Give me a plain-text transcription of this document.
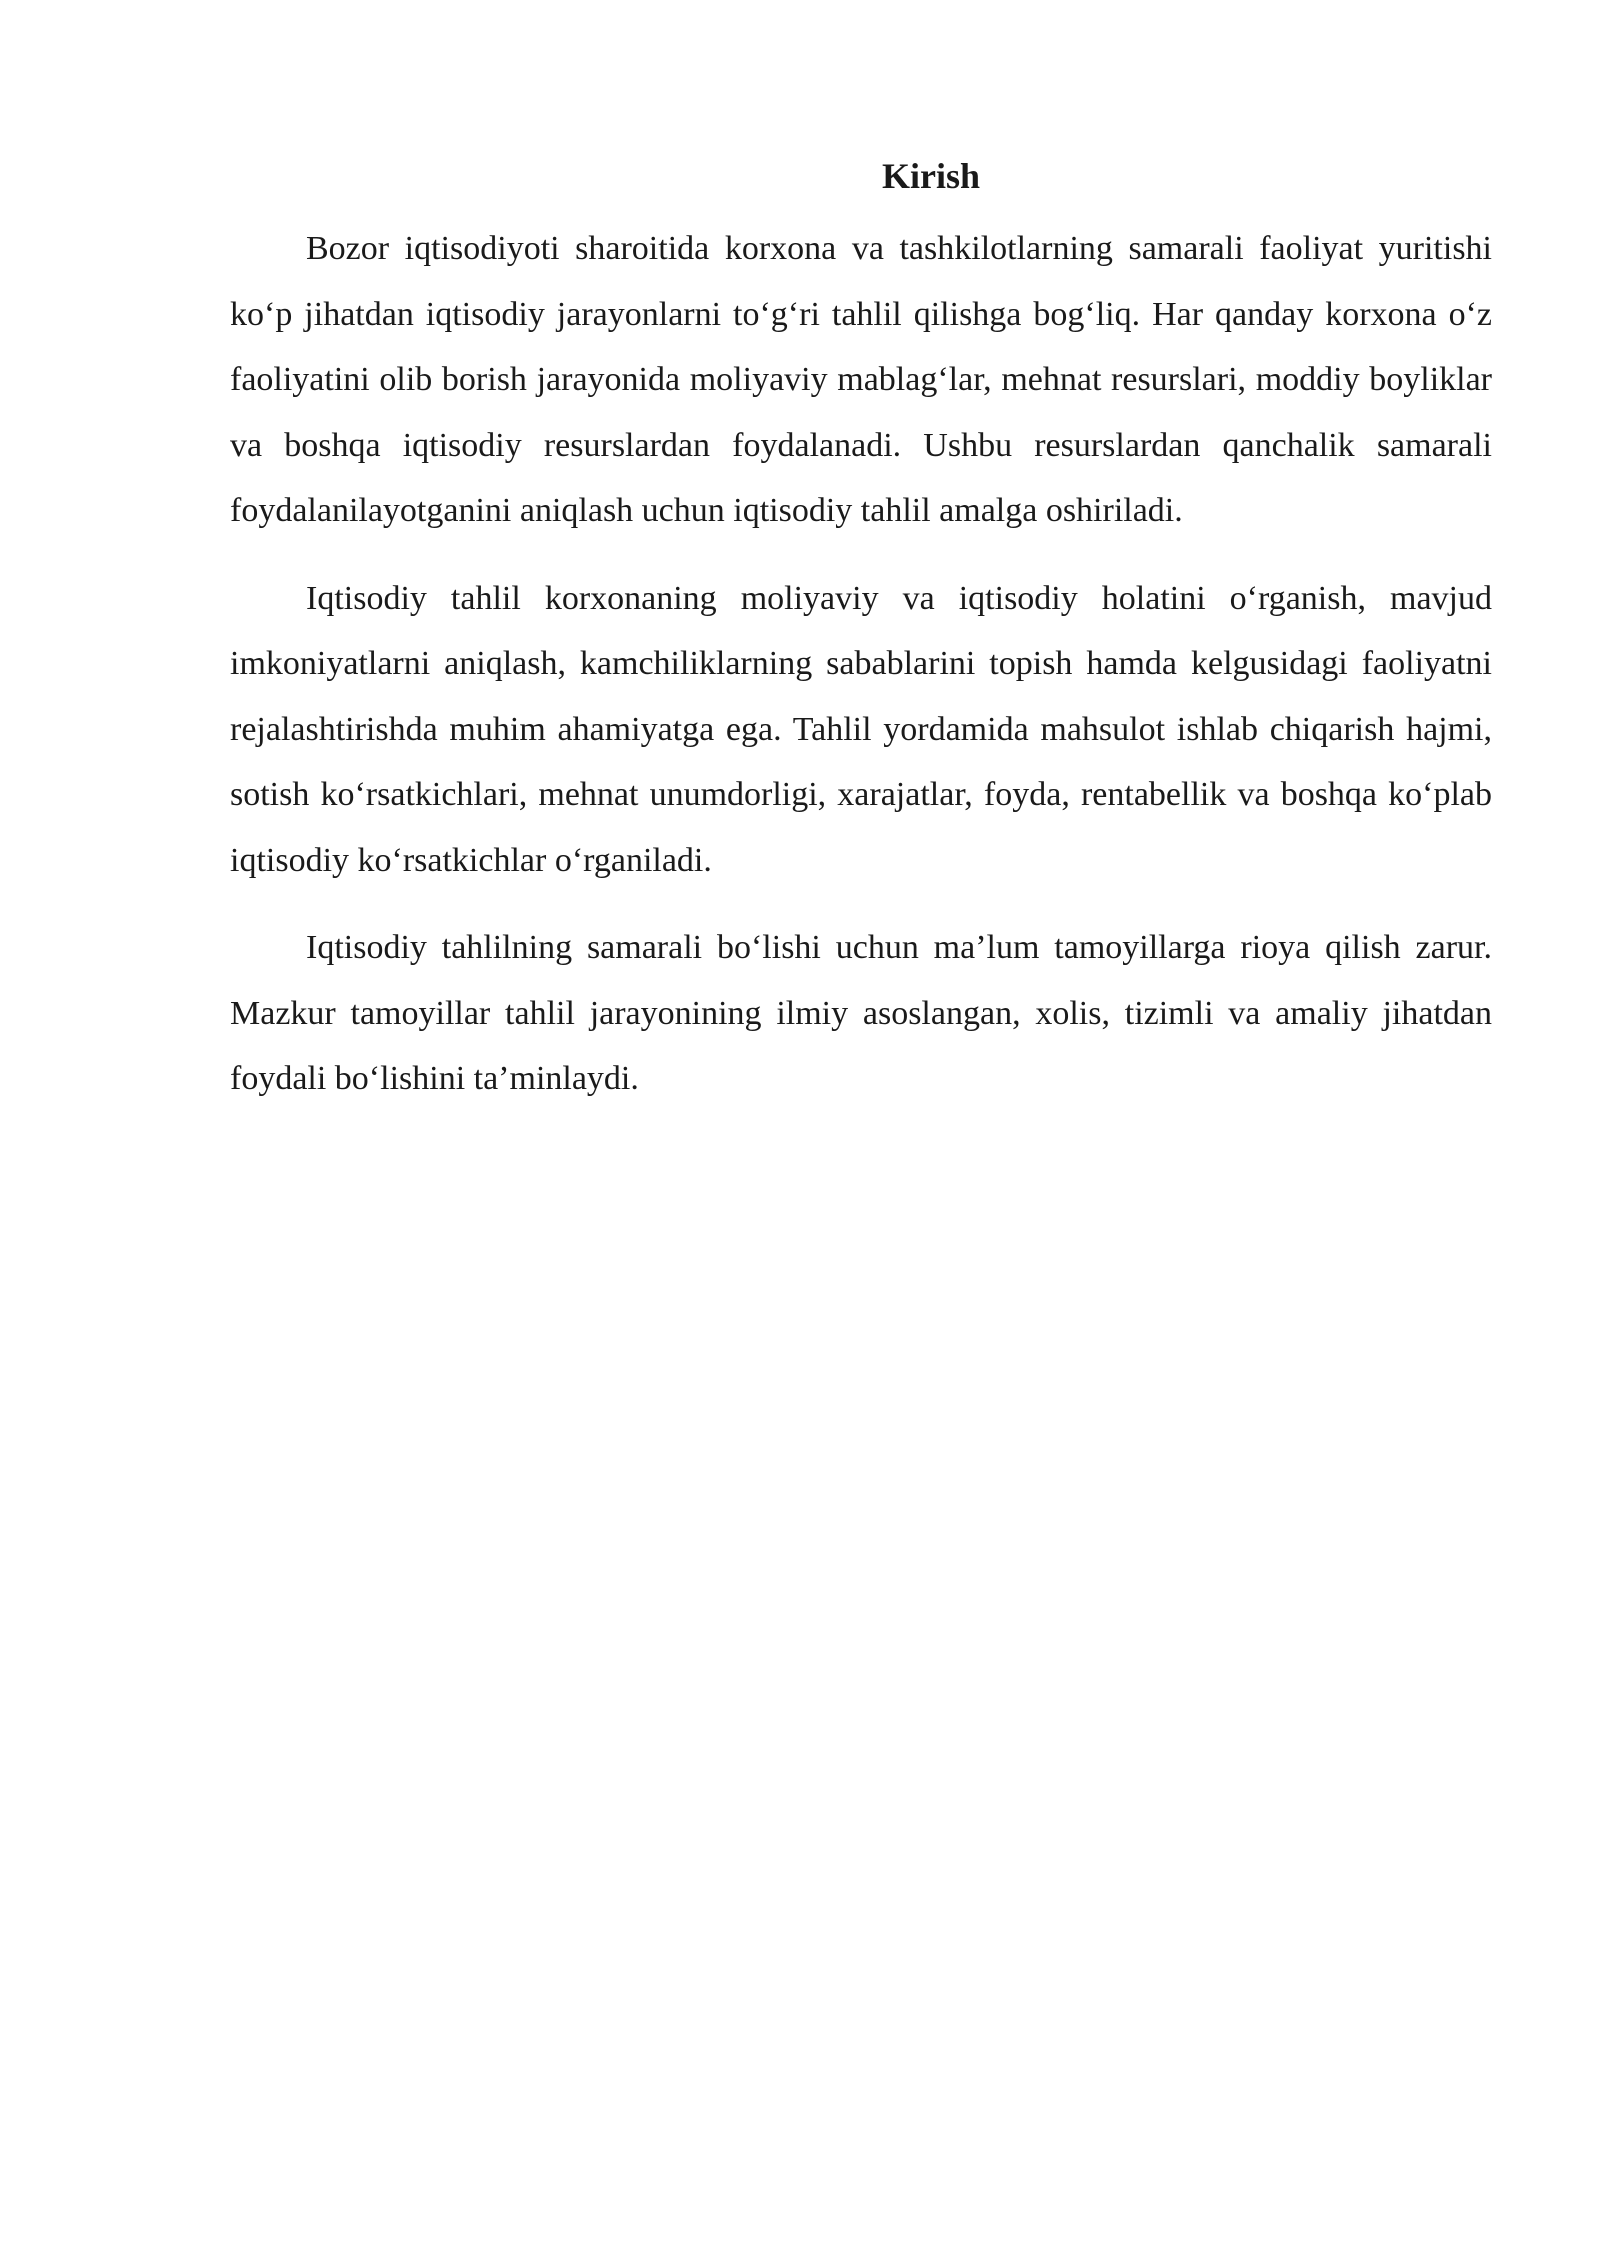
Kirish

Bozor iqtisodiyoti sharoitida korxona va tashkilotlarning samarali faoliyat yuritishi koʻp jihatdan iqtisodiy jarayonlarni toʻgʻri tahlil qilishga bogʻliq. Har qanday korxona oʻz faoliyatini olib borish jarayonida moliyaviy mablagʻlar, mehnat resurslari, moddiy boyliklar va boshqa iqtisodiy resurslardan foydalanadi. Ushbu resurslardan qanchalik samarali foydalanilayotganini aniqlash uchun iqtisodiy tahlil amalga oshiriladi.

Iqtisodiy tahlil korxonaning moliyaviy va iqtisodiy holatini oʻrganish, mavjud imkoniyatlarni aniqlash, kamchiliklarning sabablarini topish hamda kelgusidagi faoliyatni rejalashtirishda muhim ahamiyatga ega. Tahlil yordamida mahsulot ishlab chiqarish hajmi, sotish koʻrsatkichlari, mehnat unumdorligi, xarajatlar, foyda, rentabellik va boshqa koʻplab iqtisodiy koʻrsatkichlar oʻrganiladi.

Iqtisodiy tahlilning samarali boʻlishi uchun ma’lum tamoyillarga rioya qilish zarur. Mazkur tamoyillar tahlil jarayonining ilmiy asoslangan, xolis, tizimli va amaliy jihatdan foydali boʻlishini ta’minlaydi.
